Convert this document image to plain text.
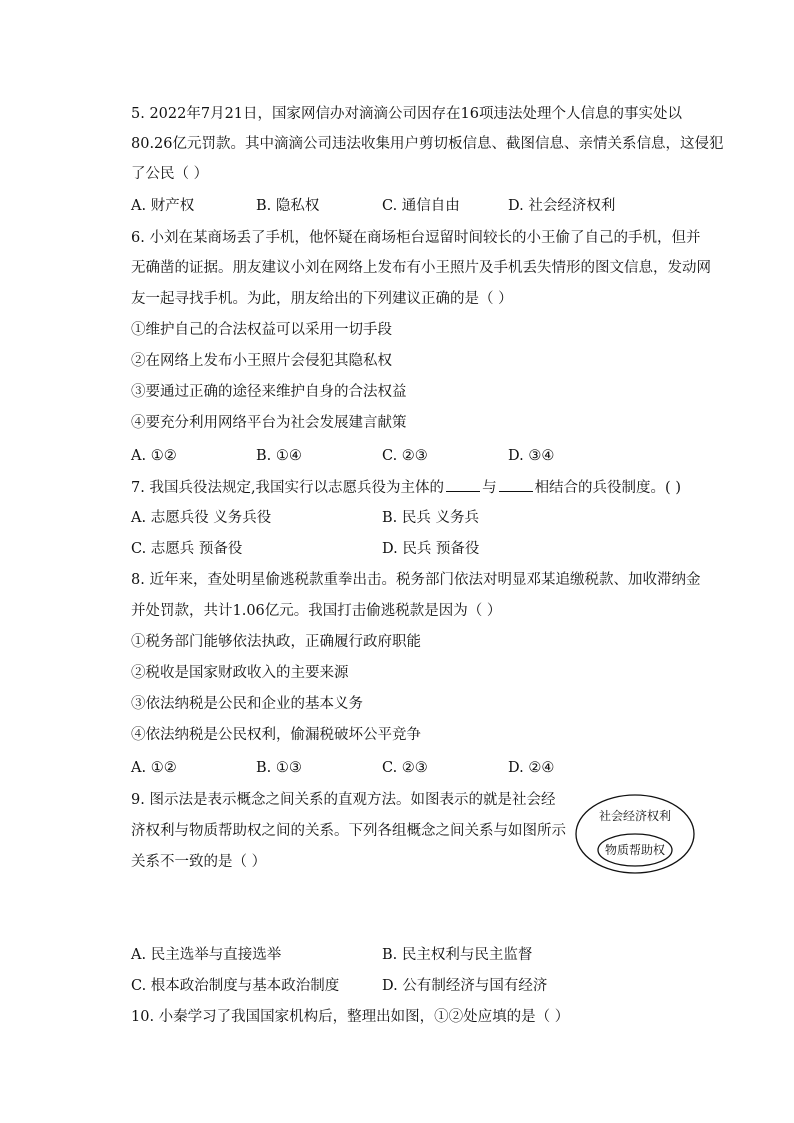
5. 2022年7月21日，国家网信办对滴滴公司因存在16项违法处理个人信息的事实处以
80.26亿元罚款。其中滴滴公司违法收集用户剪切板信息、截图信息、亲情关系信息，这侵犯
了公民（ ）
A. 财产权	B. 隐私权	C. 通信自由	D. 社会经济权利
6. 小刘在某商场丢了手机，他怀疑在商场柜台逗留时间较长的小王偷了自己的手机，但并
无确凿的证据。朋友建议小刘在网络上发布有小王照片及手机丢失情形的图文信息，发动网
友一起寻找手机。为此，朋友给出的下列建议正确的是（ ）
①维护自己的合法权益可以采用一切手段
②在网络上发布小王照片会侵犯其隐私权
③要通过正确的途径来维护自身的合法权益
④要充分利用网络平台为社会发展建言献策
A. ①②	B. ①④	C. ②③	D. ③④
7. 我国兵役法规定,我国实行以志愿兵役为主体的	与	相结合的兵役制度。( )
A. 志愿兵役 义务兵役	B. 民兵 义务兵
C. 志愿兵 预备役	D. 民兵 预备役
8. 近年来，查处明星偷逃税款重拳出击。税务部门依法对明显邓某追缴税款、加收滞纳金
并处罚款，共计1.06亿元。我国打击偷逃税款是因为（ ）
①税务部门能够依法执政，正确履行政府职能
②税收是国家财政收入的主要来源
③依法纳税是公民和企业的基本义务
④依法纳税是公民权利，偷漏税破坏公平竞争
A. ①②	B. ①③	C. ②③	D. ②④
9. 图示法是表示概念之间关系的直观方法。如图表示的就是社会经
济权利与物质帮助权之间的关系。下列各组概念之间关系与如图所示
关系不一致的是（ ）
社会经济权利
物质帮助权
A. 民主选举与直接选举	B. 民主权利与民主监督
C. 根本政治制度与基本政治制度	D. 公有制经济与国有经济
10. 小秦学习了我国国家机构后，整理出如图，①②处应填的是（ ）
